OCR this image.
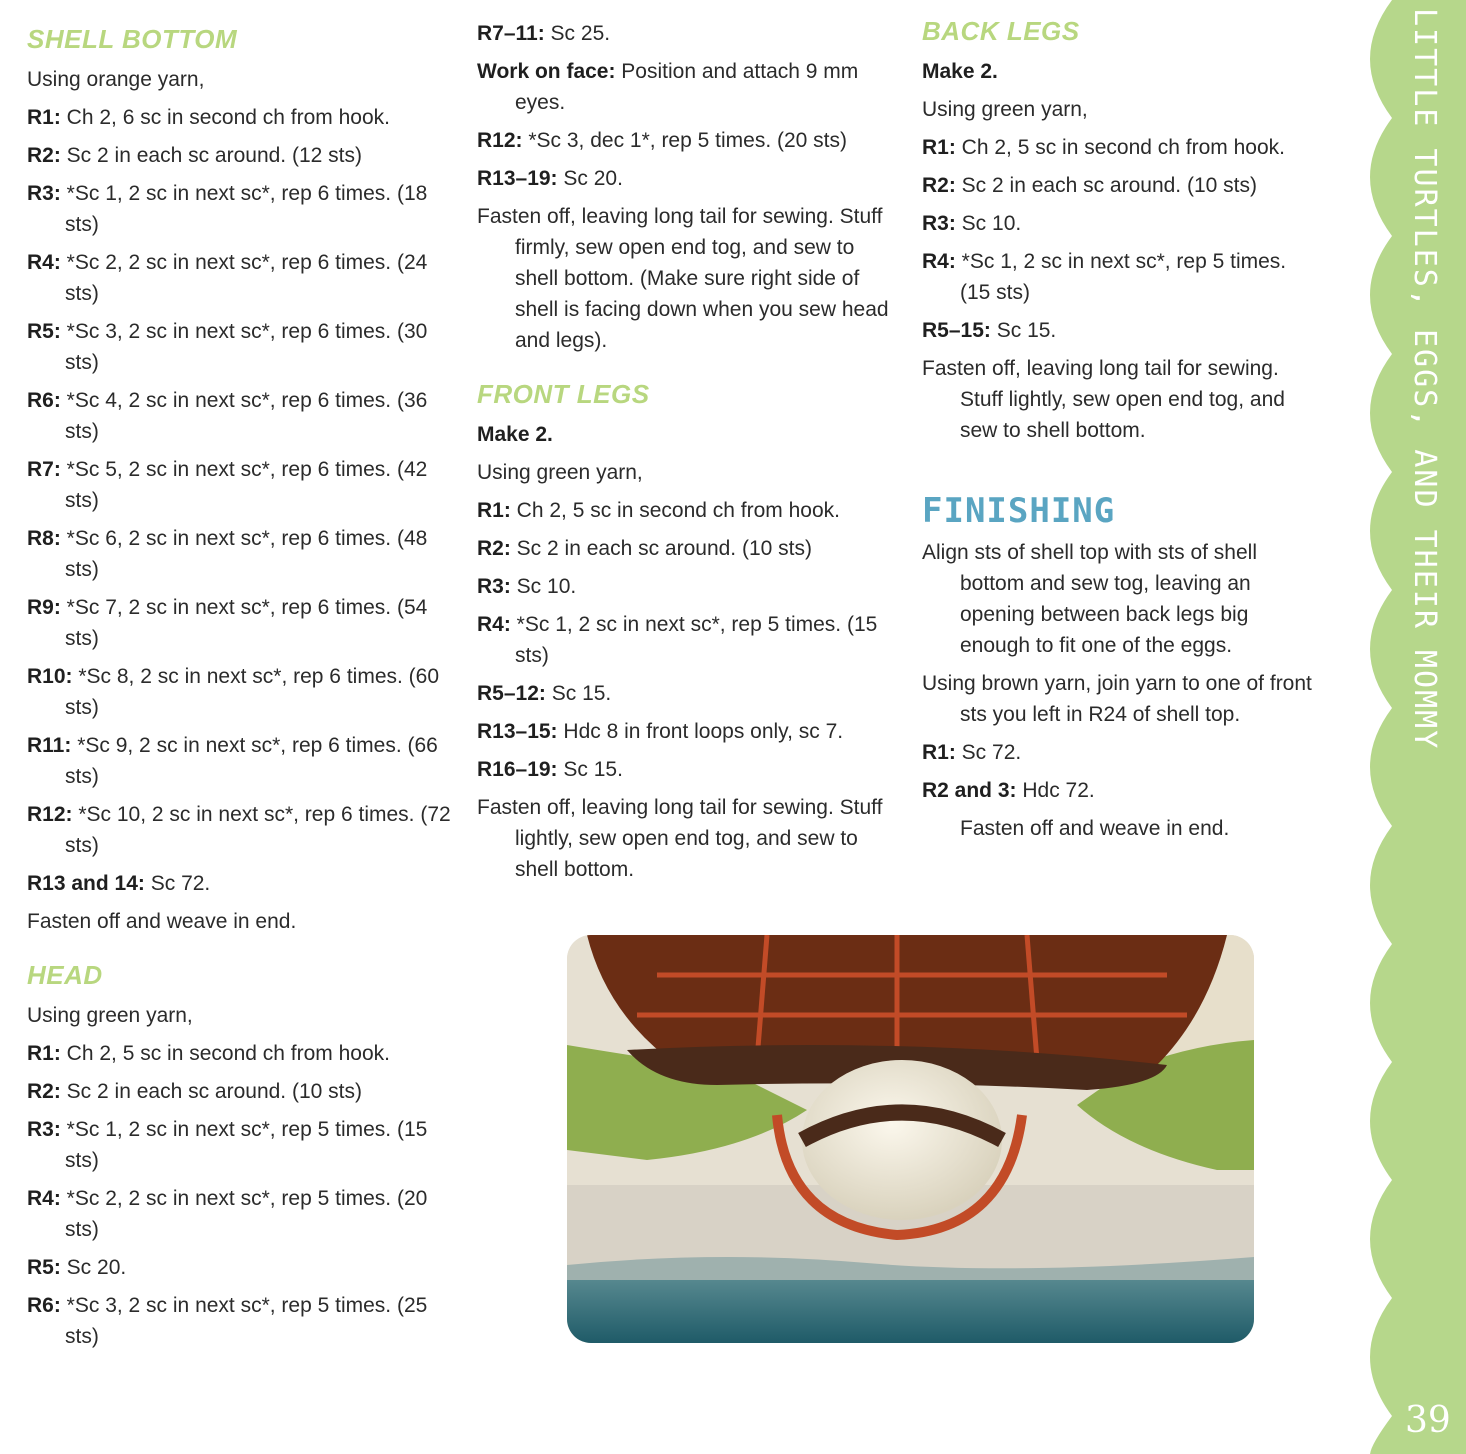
SHELL BOTTOM
Using orange yarn,
R1: Ch 2, 6 sc in second ch from hook.
R2: Sc 2 in each sc around. (12 sts)
R3: *Sc 1, 2 sc in next sc*, rep 6 times. (18 sts)
R4: *Sc 2, 2 sc in next sc*, rep 6 times. (24 sts)
R5: *Sc 3, 2 sc in next sc*, rep 6 times. (30 sts)
R6: *Sc 4, 2 sc in next sc*, rep 6 times. (36 sts)
R7: *Sc 5, 2 sc in next sc*, rep 6 times. (42 sts)
R8: *Sc 6, 2 sc in next sc*, rep 6 times. (48 sts)
R9: *Sc 7, 2 sc in next sc*, rep 6 times. (54 sts)
R10: *Sc 8, 2 sc in next sc*, rep 6 times. (60 sts)
R11: *Sc 9, 2 sc in next sc*, rep 6 times. (66 sts)
R12: *Sc 10, 2 sc in next sc*, rep 6 times. (72 sts)
R13 and 14: Sc 72.
Fasten off and weave in end.
HEAD
Using green yarn,
R1: Ch 2, 5 sc in second ch from hook.
R2: Sc 2 in each sc around. (10 sts)
R3: *Sc 1, 2 sc in next sc*, rep 5 times. (15 sts)
R4: *Sc 2, 2 sc in next sc*, rep 5 times. (20 sts)
R5: Sc 20.
R6: *Sc 3, 2 sc in next sc*, rep 5 times. (25 sts)
R7–11: Sc 25.
Work on face: Position and attach 9 mm eyes.
R12: *Sc 3, dec 1*, rep 5 times. (20 sts)
R13–19: Sc 20.
Fasten off, leaving long tail for sewing. Stuff firmly, sew open end tog, and sew to shell bottom. (Make sure right side of shell is facing down when you sew head and legs).
FRONT LEGS
Make 2.
Using green yarn,
R1: Ch 2, 5 sc in second ch from hook.
R2: Sc 2 in each sc around. (10 sts)
R3: Sc 10.
R4: *Sc 1, 2 sc in next sc*, rep 5 times. (15 sts)
R5–12: Sc 15.
R13–15: Hdc 8 in front loops only, sc 7.
R16–19: Sc 15.
Fasten off, leaving long tail for sewing. Stuff lightly, sew open end tog, and sew to shell bottom.
BACK LEGS
Make 2.
Using green yarn,
R1: Ch 2, 5 sc in second ch from hook.
R2: Sc 2 in each sc around. (10 sts)
R3: Sc 10.
R4: *Sc 1, 2 sc in next sc*, rep 5 times. (15 sts)
R5–15: Sc 15.
Fasten off, leaving long tail for sewing. Stuff lightly, sew open end tog, and sew to shell bottom.
FINISHING
Align sts of shell top with sts of shell bottom and sew tog, leaving an opening between back legs big enough to fit one of the eggs.
Using brown yarn, join yarn to one of front sts you left in R24 of shell top.
R1: Sc 72.
R2 and 3: Hdc 72.
Fasten off and weave in end.
LITTLE TURTLES, EGGS, AND THEIR MOMMY
39
